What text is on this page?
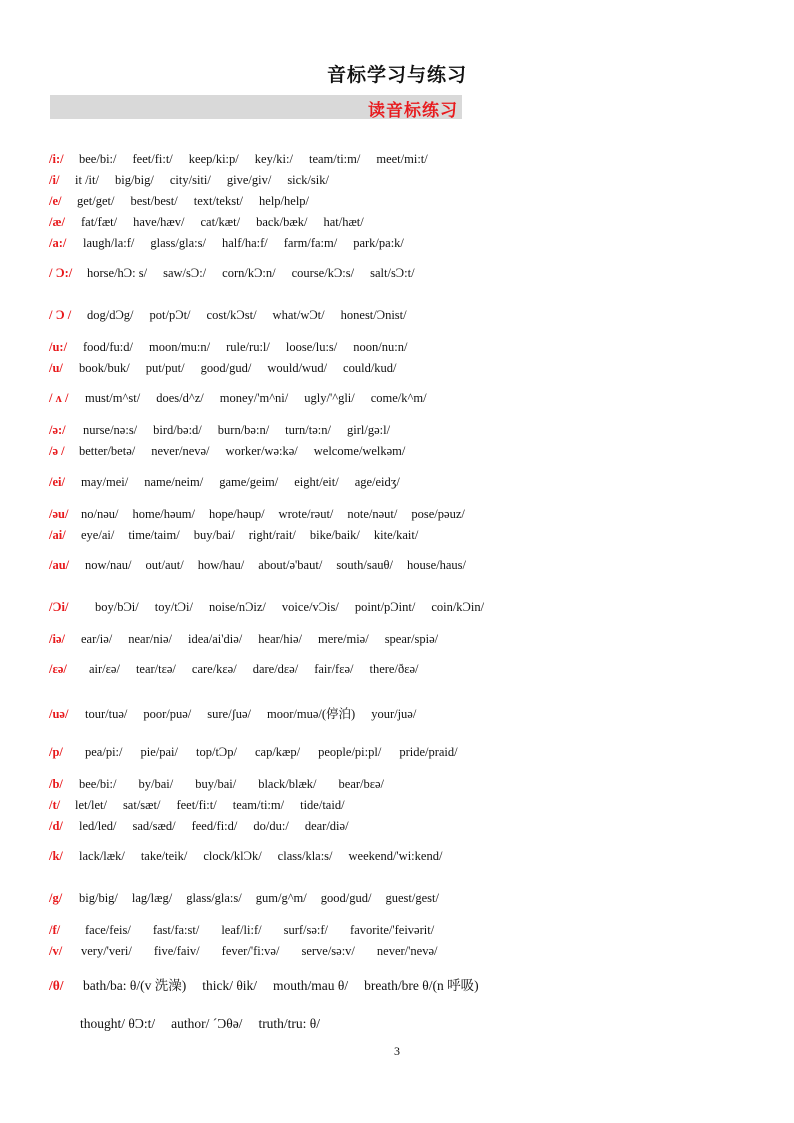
音标学习与练习
读音标练习
/i:/ bee/bi:/ feet/fi:t/ keep/ki:p/ key/ki:/ team/ti:m/ meet/mi:t/
/i/ it /it/ big/big/ city/siti/ give/giv/ sick/sik/
/e/ get/get/ best/best/ text/tekst/ help/help/
/æ/ fat/fæt/ have/hæv/ cat/kæt/ back/bæk/ hat/hæt/
/a:/ laugh/la:f/ glass/gla:s/ half/ha:f/ farm/fa:m/ park/pa:k/
/ Ɔ:/ horse/hƆ: s/ saw/sƆ:/ corn/kƆ:n/ course/kƆ:s/ salt/sƆ:t/
/ Ɔ / dog/dƆg/ pot/pƆt/ cost/kƆst/ what/wƆt/ honest/Ɔnist/
/u:/ food/fu:d/ moon/mu:n/ rule/ru:l/ loose/lu:s/ noon/nu:n/
/u/ book/buk/ put/put/ good/gud/ would/wud/ could/kud/
/ ʌ / must/m^st/ does/d^z/ money/'m^ni/ ugly/'^gli/ come/k^m/
/ə:/ nurse/nə:s/ bird/bə:d/ burn/bə:n/ turn/tə:n/ girl/gə:l/
/ə / better/betə/ never/nevə/ worker/wə:kə/ welcome/welkəm/
/ei/ may/mei/ name/neim/ game/geim/ eight/eit/ age/eidʒ/
/əu/ no/nəu/ home/həum/ hope/həup/ wrote/rəut/ note/nəut/ pose/pəuz/
/ai/ eye/ai/ time/taim/ buy/bai/ right/rait/ bike/baik/ kite/kait/
/au/ now/nau/ out/aut/ how/hau/ about/ə'baut/ south/sauθ/ house/haus/
/Ɔi/ boy/bƆi/ toy/tƆi/ noise/nƆiz/ voice/vƆis/ point/pƆint/ coin/kƆin/
/iə/ ear/iə/ near/niə/ idea/ai'diə/ hear/hiə/ mere/miə/ spear/spiə/
/εə/ air/εə/ tear/tεə/ care/kεə/ dare/dεə/ fair/fεə/ there/ðεə/
/uə/ tour/tuə/ poor/puə/ sure/ʃuə/ moor/muə/(停泊) your/juə/
/p/ pea/pi:/ pie/pai/ top/tƆp/ cap/kæp/ people/pi:pl/ pride/praid/
/b/ bee/bi:/ by/bai/ buy/bai/ black/blæk/ bear/bεə/
/t/ let/let/ sat/sæt/ feet/fi:t/ team/ti:m/ tide/taid/
/d/ led/led/ sad/sæd/ feed/fi:d/ do/du:/ dear/diə/
/k/ lack/læk/ take/teik/ clock/klƆk/ class/kla:s/ weekend/'wi:kend/
/g/ big/big/ lag/læg/ glass/gla:s/ gum/g^m/ good/gud/ guest/gest/
/f/ face/feis/ fast/fa:st/ leaf/li:f/ surf/sə:f/ favorite/'feivərit/
/v/ very/'veri/ five/faiv/ fever/'fi:və/ serve/sə:v/ never/'nevə/
/θ/ bath/ba: θ/(v 洗澡) thick/ θik/ mouth/mau θ/ breath/bre θ/(n 呼吸)
thought/ θƆ:t/ author/ ˊƆθə/ truth/tru: θ/
3
